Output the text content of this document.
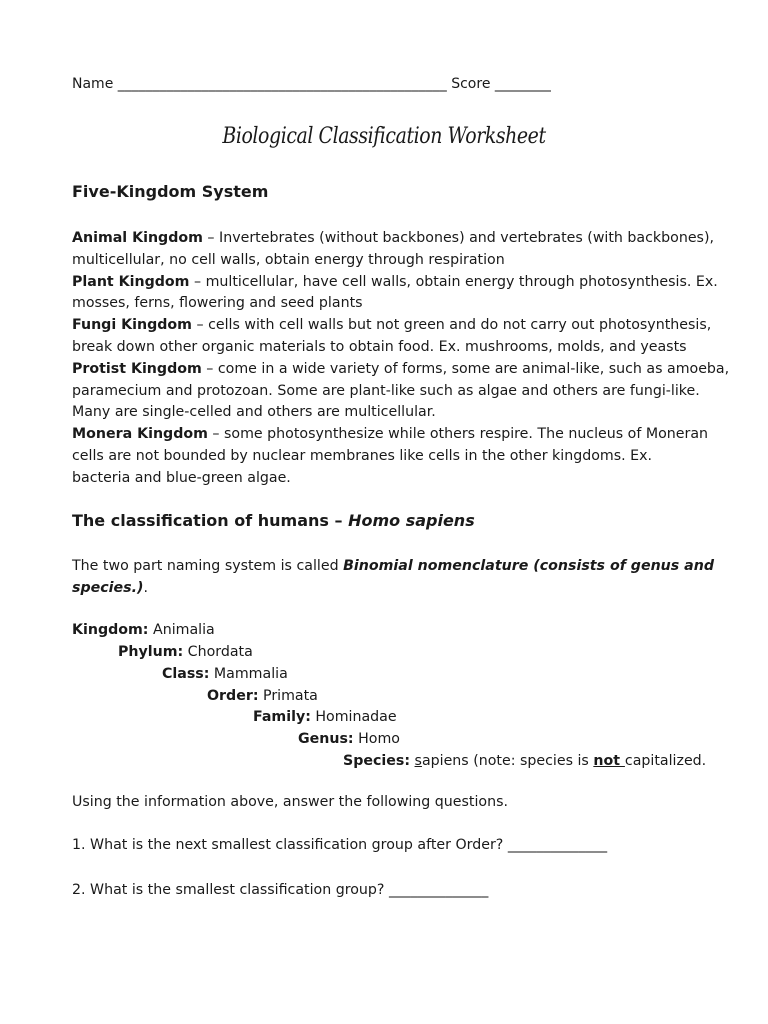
Name _______________________________________________ Score ________
Biological Classification Worksheet
Five-Kingdom System
Animal Kingdom – Invertebrates (without backbones) and vertebrates (with backbones),
multicellular, no cell walls, obtain energy through respiration
Plant Kingdom – multicellular, have cell walls, obtain energy through photosynthesis. Ex.
mosses, ferns, flowering and seed plants
Fungi Kingdom – cells with cell walls but not green and do not carry out photosynthesis,
break down other organic materials to obtain food. Ex. mushrooms, molds, and yeasts
Protist Kingdom – come in a wide variety of forms, some are animal-like, such as amoeba,
paramecium and protozoan. Some are plant-like such as algae and others are fungi-like.
Many are single-celled and others are multicellular.
Monera Kingdom – some photosynthesize while others respire. The nucleus of Moneran
cells are not bounded by nuclear membranes like cells in the other kingdoms. Ex.
bacteria and blue-green algae.
The classification of humans – Homo sapiens
The two part naming system is called Binomial nomenclature (consists of genus and
species.).
Kingdom: Animalia
Phylum: Chordata
Class: Mammalia
Order: Primata
Family: Hominadae
Genus: Homo
Species: sapiens (note: species is not capitalized.
Using the information above, answer the following questions.
1. What is the next smallest classification group after Order? ______________
2. What is the smallest classification group? ______________
